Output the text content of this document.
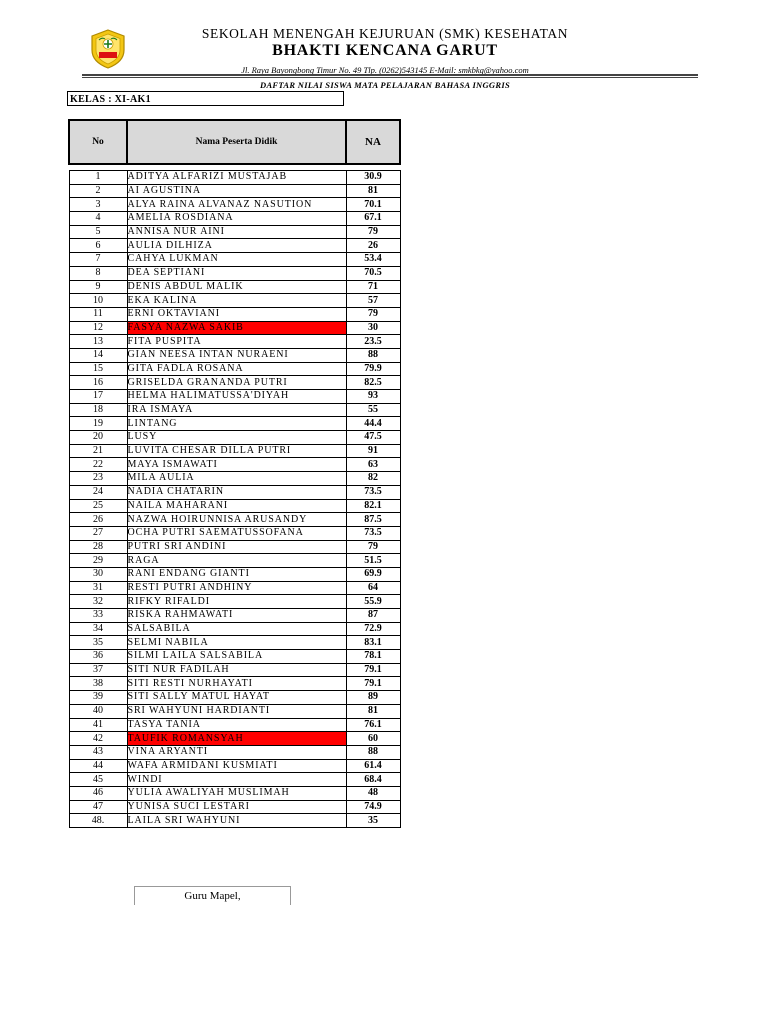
SEKOLAH MENENGAH KEJURUAN (SMK) KESEHATAN
BHAKTI KENCANA GARUT
Jl. Raya Bayongbong Timur No. 49 Tlp. (0262)543145 E-Mail: smkbkg@yahoo.com
DAFTAR NILAI SISWA MATA PELAJARAN BAHASA INGGRIS
KELAS : XI-AK1
No	Nama Peserta Didik	NA

1	ADITYA ALFARIZI MUSTAJAB	30.9
2	AI AGUSTINA	81
3	ALYA RAINA ALVANAZ NASUTION	70.1
4	AMELIA ROSDIANA	67.1
5	ANNISA NUR AINI	79
6	AULIA DILHIZA	26
7	CAHYA LUKMAN	53.4
8	DEA SEPTIANI	70.5
9	DENIS ABDUL MALIK	71
10	EKA KALINA	57
11	ERNI OKTAVIANI	79
12	FASYA NAZWA SAKIB	30
13	FITA PUSPITA	23.5
14	GIAN NEESA INTAN NURAENI	88
15	GITA FADLA ROSANA	79.9
16	GRISELDA GRANANDA PUTRI	82.5
17	HELMA HALIMATUSSA'DIYAH	93
18	IRA ISMAYA	55
19	LINTANG	44.4
20	LUSY	47.5
21	LUVITA CHESAR DILLA PUTRI	91
22	MAYA ISMAWATI	63
23	MILA AULIA	82
24	NADIA CHATARIN	73.5
25	NAILA MAHARANI	82.1
26	NAZWA HOIRUNNISA ARUSANDY	87.5
27	OCHA PUTRI SAEMATUSSOFANA	73.5
28	PUTRI SRI ANDINI	79
29	RAGA	51.5
30	RANI ENDANG GIANTI	69.9
31	RESTI PUTRI ANDHINY	64
32	RIFKY RIFALDI	55.9
33	RISKA RAHMAWATI	87
34	SALSABILA	72.9
35	SELMI NABILA	83.1
36	SILMI LAILA SALSABILA	78.1
37	SITI NUR FADILAH	79.1
38	SITI RESTI NURHAYATI	79.1
39	SITI SALLY MATUL HAYAT	89
40	SRI WAHYUNI HARDIANTI	81
41	TASYA TANIA	76.1
42	TAUFIK ROMANSYAH	60
43	VINA ARYANTI	88
44	WAFA ARMIDANI KUSMIATI	61.4
45	WINDI	68.4
46	YULIA AWALIYAH MUSLIMAH	48
47	YUNISA SUCI LESTARI	74.9
48.	LAILA SRI WAHYUNI	35
Guru Mapel,
